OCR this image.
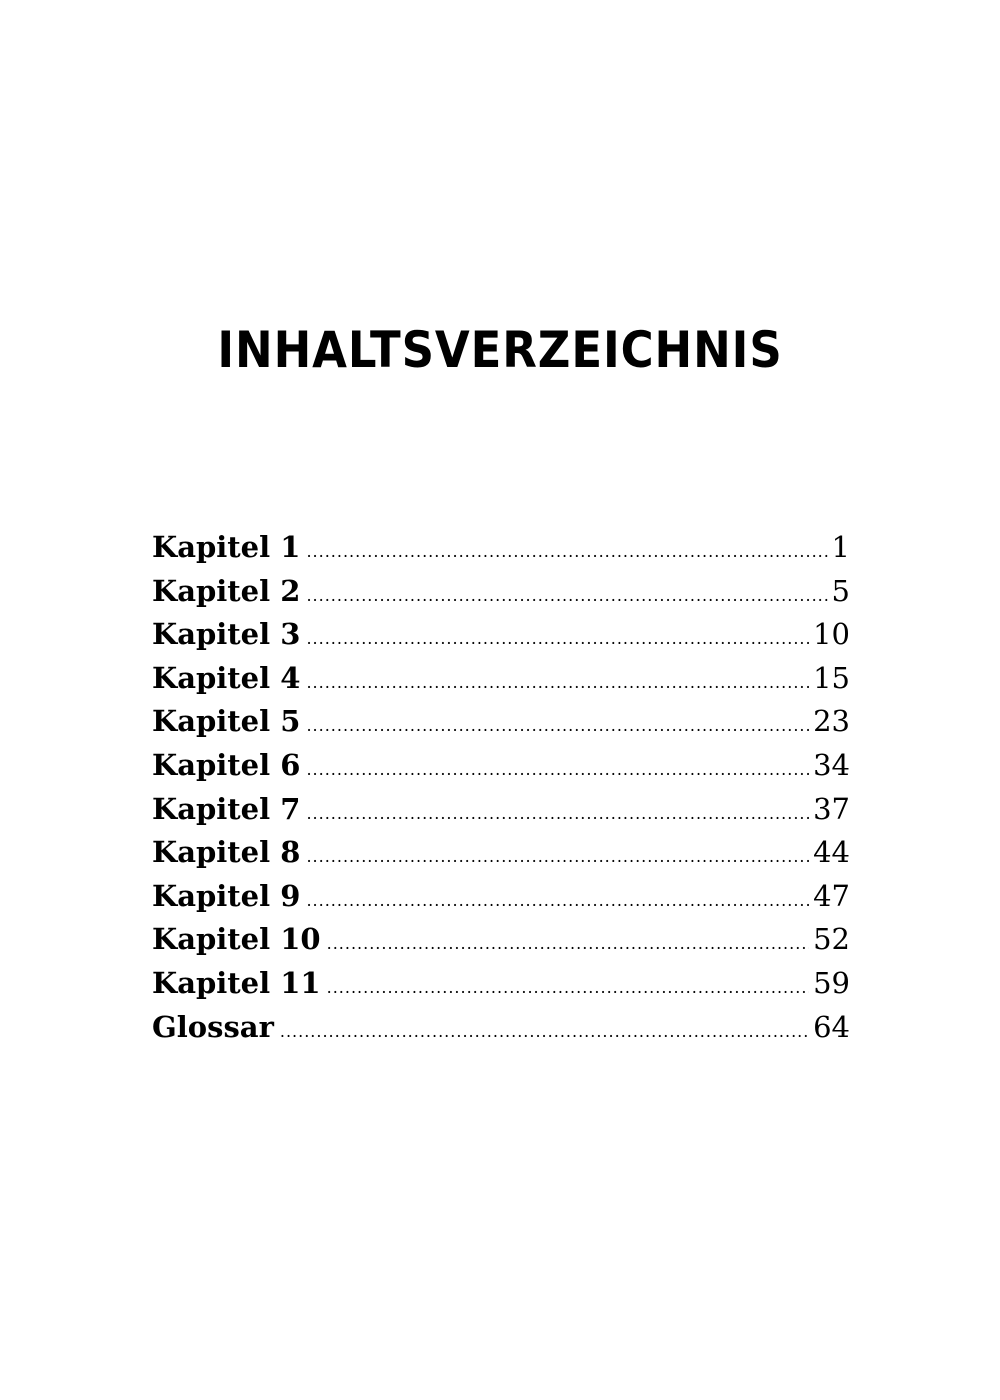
INHALTSVERZEICHNIS
Kapitel 1 .....	1
Kapitel 2 .....	5
Kapitel 3 .....	10
Kapitel 4 .....	15
Kapitel 5 .....	23
Kapitel 6 .....	34
Kapitel 7 .....	37
Kapitel 8 .....	44
Kapitel 9 .....	47
Kapitel 10 .....	52
Kapitel 11 .....	59
Glossar .....	64
